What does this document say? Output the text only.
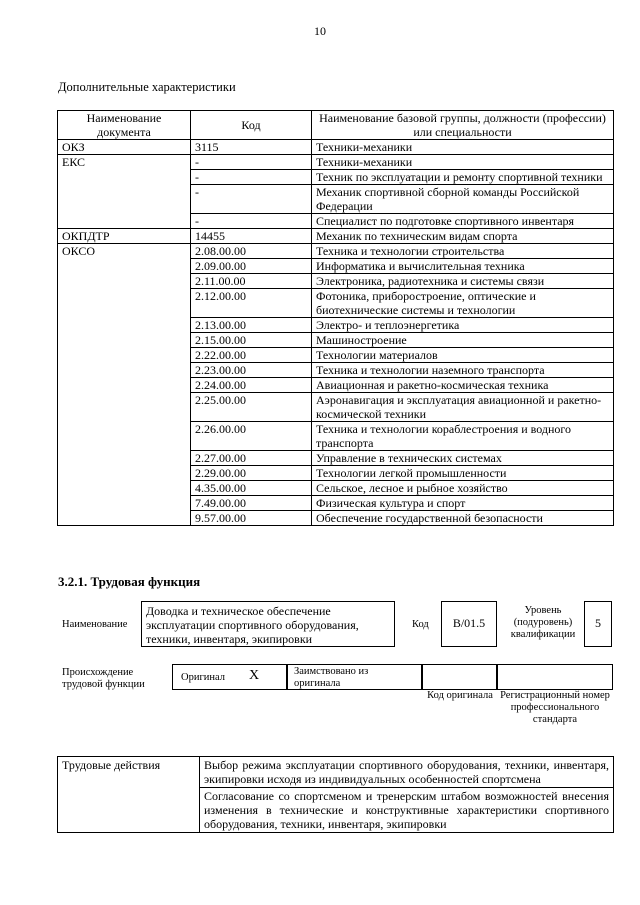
10
Дополнительные характеристики
Наименование документа	Код	Наименование базовой группы, должности (профессии) или специальности
ОКЗ	3115	Техники-механики
ЕКС	-	Техники-механики
	-	Техник по эксплуатации и ремонту спортивной техники
	-	Механик спортивной сборной команды Российской Федерации
	-	Специалист по подготовке спортивного инвентаря
ОКПДТР	14455	Механик по техническим видам спорта
ОКСО	2.08.00.00	Техника и технологии строительства
	2.09.00.00	Информатика и вычислительная техника
	2.11.00.00	Электроника, радиотехника и системы связи
	2.12.00.00	Фотоника, приборостроение, оптические и биотехнические системы и технологии
	2.13.00.00	Электро- и теплоэнергетика
	2.15.00.00	Машиностроение
	2.22.00.00	Технологии материалов
	2.23.00.00	Техника и технологии наземного транспорта
	2.24.00.00	Авиационная и ракетно-космическая техника
	2.25.00.00	Аэронавигация и эксплуатация авиационной и ракетно-космической техники
	2.26.00.00	Техника и технологии кораблестроения и водного транспорта
	2.27.00.00	Управление в технических системах
	2.29.00.00	Технологии легкой промышленности
	4.35.00.00	Сельское, лесное и рыбное хозяйство
	7.49.00.00	Физическая культура и спорт
	9.57.00.00	Обеспечение государственной безопасности
3.2.1. Трудовая функция
Наименование
Доводка и техническое обеспечение эксплуатации спортивного оборудования, техники, инвентаря, экипировки
Код	B/01.5
Уровень (подуровень) квалификации
5
Происхождение трудовой функции
Оригинал X	Заимствовано из оригинала
Код оригинала Регистрационный номер профессионального стандарта
Трудовые действия	Выбор режима эксплуатации спортивного оборудования, техники, инвентаря, экипировки исходя из индивидуальных особенностей спортсмена
	Согласование со спортсменом и тренерским штабом возможностей внесения изменения в технические и конструктивные характеристики спортивного оборудования, техники, инвентаря, экипировки
